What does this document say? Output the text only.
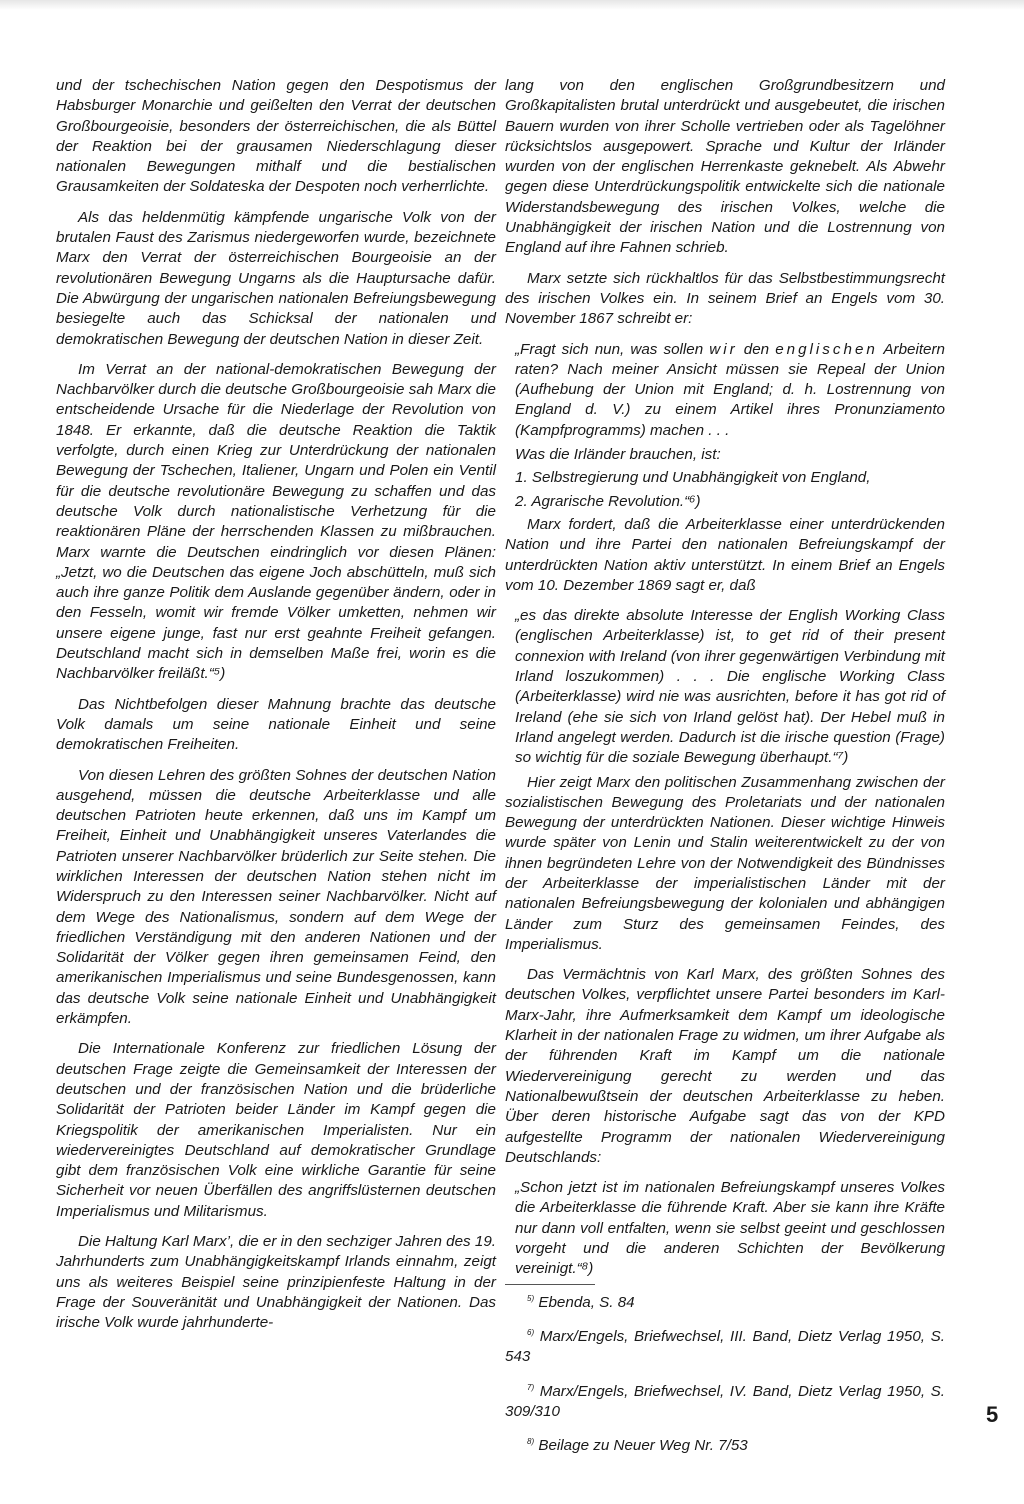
und der tschechischen Nation gegen den Despotismus der Habsburger Monarchie und geißelten den Verrat der deutschen Großbourgeoisie, besonders der österreichischen, die als Büttel der Reaktion bei der grausamen Niederschlagung dieser nationalen Bewegungen mithalf und die bestialischen Grausamkeiten der Soldateska der Despoten noch verherrlichte.

Als das heldenmütig kämpfende ungarische Volk von der brutalen Faust des Zarismus niedergeworfen wurde, bezeichnete Marx den Verrat der österreichischen Bourgeoisie an der revolutionären Bewegung Ungarns als die Hauptursache dafür. Die Abwürgung der ungarischen nationalen Befreiungsbewegung besiegelte auch das Schicksal der nationalen und demokratischen Bewegung der deutschen Nation in dieser Zeit.

Im Verrat an der national-demokratischen Bewegung der Nachbarvölker durch die deutsche Großbourgeoisie sah Marx die entscheidende Ursache für die Niederlage der Revolution von 1848. Er erkannte, daß die deutsche Reaktion die Taktik verfolgte, durch einen Krieg zur Unterdrückung der nationalen Bewegung der Tschechen, Italiener, Ungarn und Polen ein Ventil für die deutsche revolutionäre Bewegung zu schaffen und das deutsche Volk durch nationalistische Verhetzung für die reaktionären Pläne der herrschenden Klassen zu mißbrauchen. Marx warnte die Deutschen eindringlich vor diesen Plänen: „Jetzt, wo die Deutschen das eigene Joch abschütteln, muß sich auch ihre ganze Politik dem Auslande gegenüber ändern, oder in den Fesseln, womit wir fremde Völker umketten, nehmen wir unsere eigene junge, fast nur erst geahnte Freiheit gefangen. Deutschland macht sich in demselben Maße frei, worin es die Nachbarvölker freiläßt.“⁵)

Das Nichtbefolgen dieser Mahnung brachte das deutsche Volk damals um seine nationale Einheit und seine demokratischen Freiheiten.

Von diesen Lehren des größten Sohnes der deutschen Nation ausgehend, müssen die deutsche Arbeiterklasse und alle deutschen Patrioten heute erkennen, daß uns im Kampf um Freiheit, Einheit und Unabhängigkeit unseres Vaterlandes die Patrioten unserer Nachbarvölker brüderlich zur Seite stehen. Die wirklichen Interessen der deutschen Nation stehen nicht im Widerspruch zu den Interessen seiner Nachbarvölker. Nicht auf dem Wege des Nationalismus, sondern auf dem Wege der friedlichen Verständigung mit den anderen Nationen und der Solidarität der Völker gegen ihren gemeinsamen Feind, den amerikanischen Imperialismus und seine Bundesgenossen, kann das deutsche Volk seine nationale Einheit und Unabhängigkeit erkämpfen.

Die Internationale Konferenz zur friedlichen Lösung der deutschen Frage zeigte die Gemeinsamkeit der Interessen der deutschen und der französischen Nation und die brüderliche Solidarität der Patrioten beider Länder im Kampf gegen die Kriegspolitik der amerikanischen Imperialisten. Nur ein wiedervereinigtes Deutschland auf demokratischer Grundlage gibt dem französischen Volk eine wirkliche Garantie für seine Sicherheit vor neuen Überfällen des angriffslüsternen deutschen Imperialismus und Militarismus.

Die Haltung Karl Marx’, die er in den sechziger Jahren des 19. Jahrhunderts zum Unabhängigkeitskampf Irlands einnahm, zeigt uns als weiteres Beispiel seine prinzipienfeste Haltung in der Frage der Souveränität und Unabhängigkeit der Nationen. Das irische Volk wurde jahrhunderte-

lang von den englischen Großgrundbesitzern und Großkapitalisten brutal unterdrückt und ausgebeutet, die irischen Bauern wurden von ihrer Scholle vertrieben oder als Tagelöhner rücksichtslos ausgepowert. Sprache und Kultur der Irländer wurden von der englischen Herrenkaste geknebelt. Als Abwehr gegen diese Unterdrückungspolitik entwickelte sich die nationale Widerstandsbewegung des irischen Volkes, welche die Unabhängigkeit der irischen Nation und die Lostrennung von England auf ihre Fahnen schrieb.

Marx setzte sich rückhaltlos für das Selbstbestimmungsrecht des irischen Volkes ein. In seinem Brief an Engels vom 30. November 1867 schreibt er:

„Fragt sich nun, was sollen wir den englischen Arbeitern raten? Nach meiner Ansicht müssen sie Repeal der Union (Aufhebung der Union mit England; d. h. Lostrennung von England d. V.) zu einem Artikel ihres Pronunziamento (Kampfprogramms) machen . . .

Was die Irländer brauchen, ist:

1. Selbstregierung und Unabhängigkeit von England,

2. Agrarische Revolution.“⁶)

Marx fordert, daß die Arbeiterklasse einer unterdrückenden Nation und ihre Partei den nationalen Befreiungskampf der unterdrückten Nation aktiv unterstützt. In einem Brief an Engels vom 10. Dezember 1869 sagt er, daß

„es das direkte absolute Interesse der English Working Class (englischen Arbeiterklasse) ist, to get rid of their present connexion with Ireland (von ihrer gegenwärtigen Verbindung mit Irland loszukommen) . . . Die englische Working Class (Arbeiterklasse) wird nie was ausrichten, before it has got rid of Ireland (ehe sie sich von Irland gelöst hat). Der Hebel muß in Irland angelegt werden. Dadurch ist die irische question (Frage) so wichtig für die soziale Bewegung überhaupt.“⁷)

Hier zeigt Marx den politischen Zusammenhang zwischen der sozialistischen Bewegung des Proletariats und der nationalen Bewegung der unterdrückten Nationen. Dieser wichtige Hinweis wurde später von Lenin und Stalin weiterentwickelt zu der von ihnen begründeten Lehre von der Notwendigkeit des Bündnisses der Arbeiterklasse der imperialistischen Länder mit der nationalen Befreiungsbewegung der kolonialen und abhängigen Länder zum Sturz des gemeinsamen Feindes, des Imperialismus.

Das Vermächtnis von Karl Marx, des größten Sohnes des deutschen Volkes, verpflichtet unsere Partei besonders im Karl-Marx-Jahr, ihre Aufmerksamkeit dem Kampf um ideologische Klarheit in der nationalen Frage zu widmen, um ihrer Aufgabe als der führenden Kraft im Kampf um die nationale Wiedervereinigung gerecht zu werden und das Nationalbewußtsein der deutschen Arbeiterklasse zu heben. Über deren historische Aufgabe sagt das von der KPD aufgestellte Programm der nationalen Wiedervereinigung Deutschlands:

„Schon jetzt ist im nationalen Befreiungskampf unseres Volkes die Arbeiterklasse die führende Kraft. Aber sie kann ihre Kräfte nur dann voll entfalten, wenn sie selbst geeint und geschlossen vorgeht und die anderen Schichten der Bevölkerung vereinigt.“⁸)

$^{5)}$ Ebenda, S. 84

$^{6)}$ Marx/Engels, Briefwechsel, III. Band, Dietz Verlag 1950, S. 543

$^{7)}$ Marx/Engels, Briefwechsel, IV. Band, Dietz Verlag 1950, S. 309/310

$^{8)}$ Beilage zu Neuer Weg Nr. 7/53

5
